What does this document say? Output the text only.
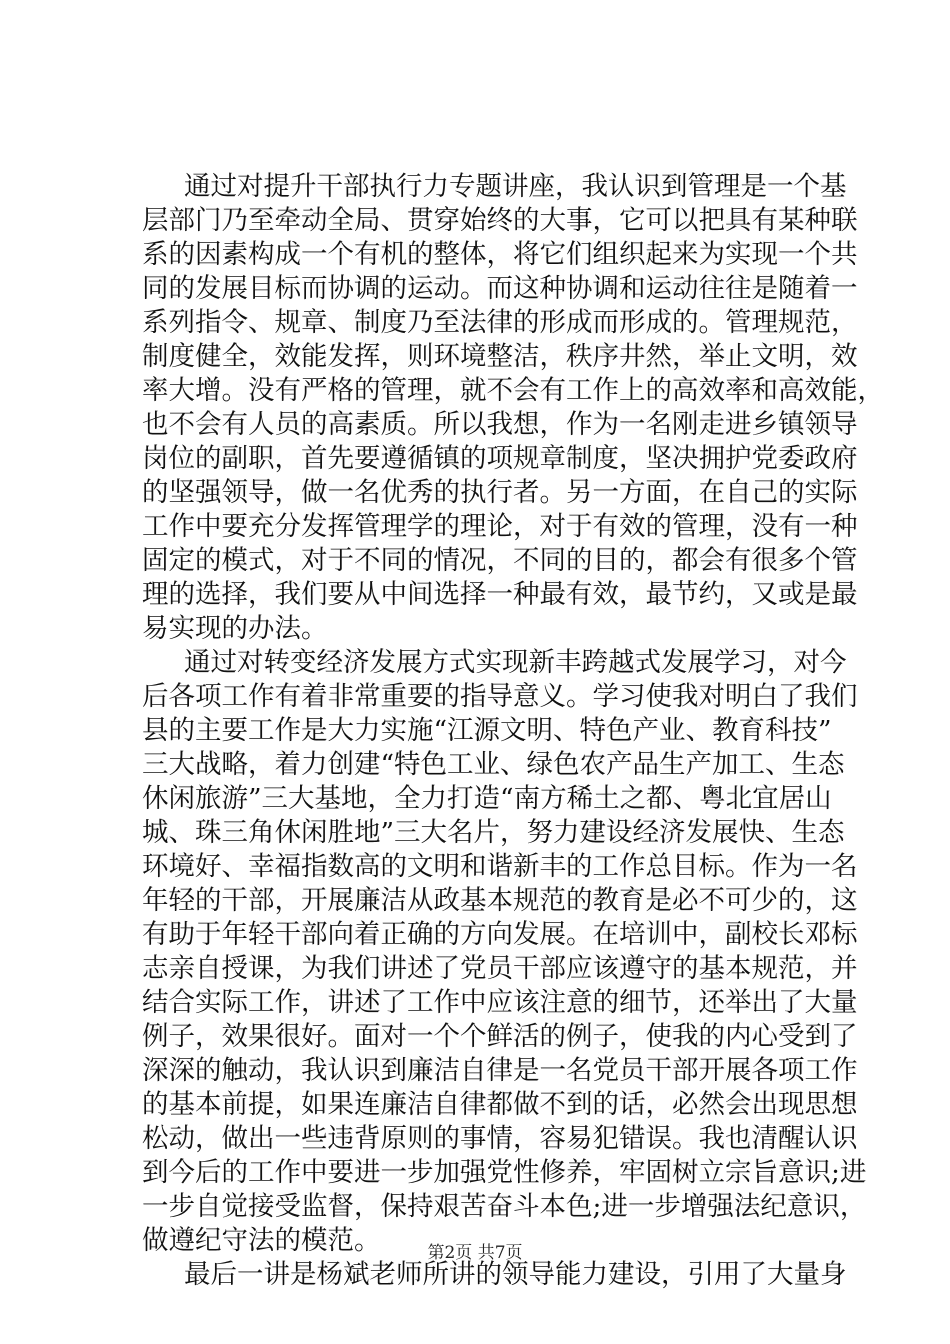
通过对提升干部执行力专题讲座，我认识到管理是一个基
层部门乃至牵动全局、贯穿始终的大事，它可以把具有某种联
系的因素构成一个有机的整体，将它们组织起来为实现一个共
同的发展目标而协调的运动。而这种协调和运动往往是随着一
系列指令、规章、制度乃至法律的形成而形成的。管理规范，
制度健全，效能发挥，则环境整洁，秩序井然，举止文明，效
率大增。没有严格的管理，就不会有工作上的高效率和高效能，
也不会有人员的高素质。所以我想，作为一名刚走进乡镇领导
岗位的副职，首先要遵循镇的项规章制度，坚决拥护党委政府
的坚强领导，做一名优秀的执行者。另一方面，在自己的实际
工作中要充分发挥管理学的理论，对于有效的管理，没有一种
固定的模式，对于不同的情况，不同的目的，都会有很多个管
理的选择，我们要从中间选择一种最有效，最节约，又或是最
易实现的办法。
通过对转变经济发展方式实现新丰跨越式发展学习，对今
后各项工作有着非常重要的指导意义。学习使我对明白了我们
县的主要工作是大力实施“江源文明、特色产业、教育科技”
三大战略，着力创建“特色工业、绿色农产品生产加工、生态
休闲旅游”三大基地，全力打造“南方稀土之都、粤北宜居山
城、珠三角休闲胜地”三大名片，努力建设经济发展快、生态
环境好、幸福指数高的文明和谐新丰的工作总目标。作为一名
年轻的干部，开展廉洁从政基本规范的教育是必不可少的，这
有助于年轻干部向着正确的方向发展。在培训中，副校长邓标
志亲自授课，为我们讲述了党员干部应该遵守的基本规范，并
结合实际工作，讲述了工作中应该注意的细节，还举出了大量
例子，效果很好。面对一个个鲜活的例子，使我的内心受到了
深深的触动，我认识到廉洁自律是一名党员干部开展各项工作
的基本前提，如果连廉洁自律都做不到的话，必然会出现思想
松动，做出一些违背原则的事情，容易犯错误。我也清醒认识
到今后的工作中要进一步加强党性修养，牢固树立宗旨意识;进
一步自觉接受监督，保持艰苦奋斗本色;进一步增强法纪意识，
做遵纪守法的模范。
最后一讲是杨斌老师所讲的领导能力建设，引用了大量身
第2页 共7页
